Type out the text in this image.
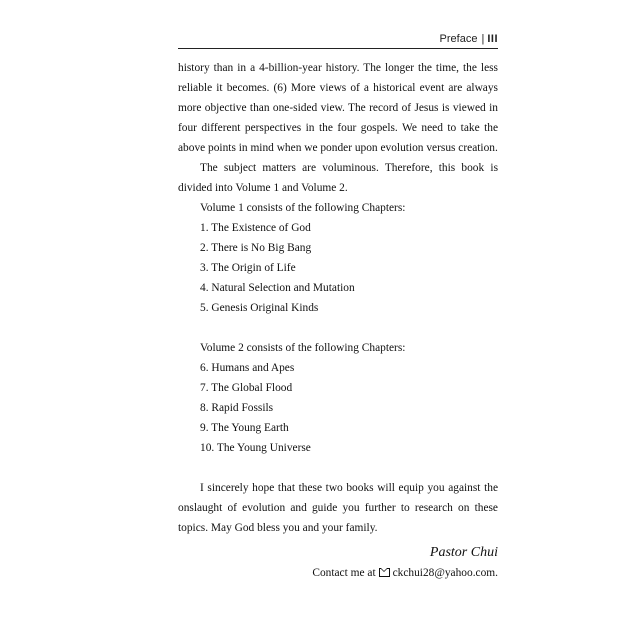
Preface | III

history than in a 4-billion-year history. The longer the time, the less reliable it becomes. (6) More views of a historical event are always more objective than one-sided view. The record of Jesus is viewed in four different perspectives in the four gospels. We need to take the above points in mind when we ponder upon evolution versus creation.

The subject matters are voluminous. Therefore, this book is divided into Volume 1 and Volume 2.

Volume 1 consists of the following Chapters:

1. The Existence of God
2. There is No Big Bang
3. The Origin of Life
4. Natural Selection and Mutation
5. Genesis Original Kinds

Volume 2 consists of the following Chapters:

6. Humans and Apes
7. The Global Flood
8. Rapid Fossils
9. The Young Earth
10. The Young Universe

I sincerely hope that these two books will equip you against the onslaught of evolution and guide you further to research on these topics. May God bless you and your family.

Pastor Chui
Contact me at ckchui28@yahoo.com.
